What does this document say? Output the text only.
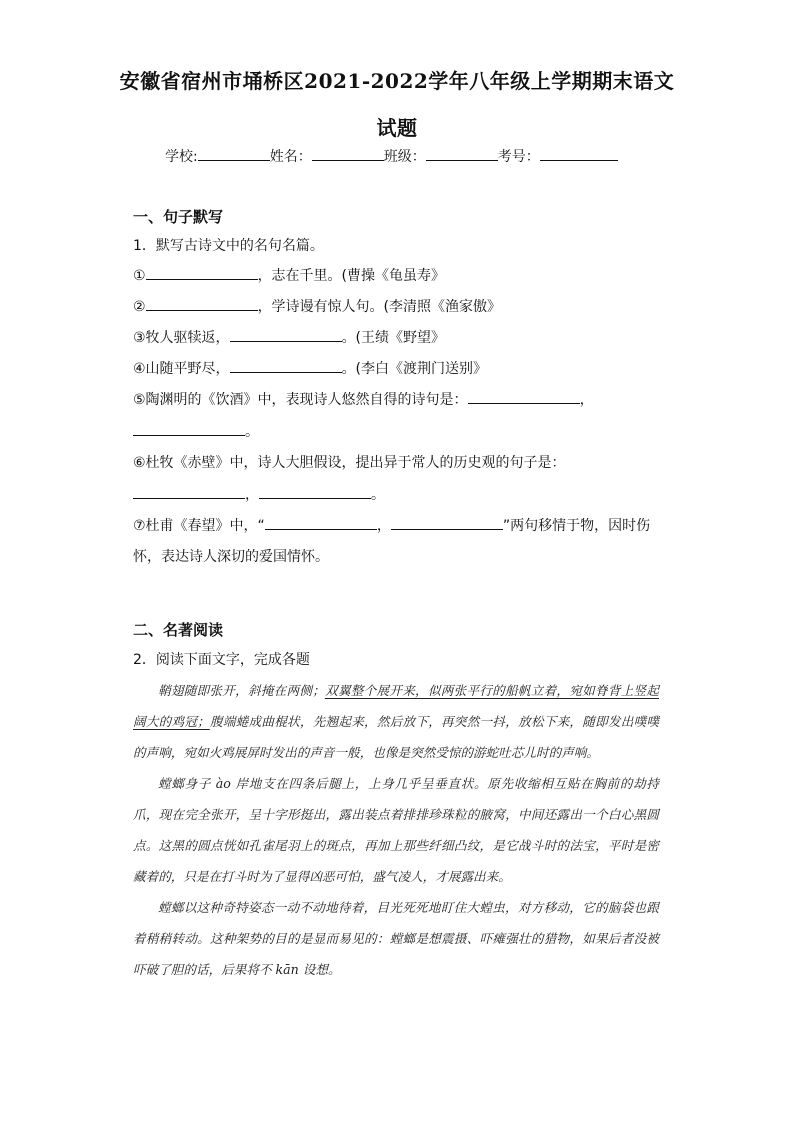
安徽省宿州市埇桥区2021-2022学年八年级上学期期末语文
试题
学校:	姓名：	班级：	考号：
一、句子默写
1．默写古诗文中的名句名篇。
①	，志在千里。(曹操《龟虽寿》
②	，学诗谩有惊人句。(李清照《渔家傲》
③牧人驱犊返，	。(王绩《野望》
④山随平野尽，	。(李白《渡荆门送别》
⑤陶渊明的《饮酒》中，表现诗人悠然自得的诗句是：	，
。
⑥杜牧《赤壁》中，诗人大胆假设，提出异于常人的历史观的句子是：
，	。
⑦杜甫《春望》中，“	，	”两句移情于物，因时伤
怀，表达诗人深切的爱国情怀。
二、名著阅读
2．阅读下面文字，完成各题

鞘翅随即张开，斜掩在两侧；双翼整个展开来，似两张平行的船帆立着，宛如脊背上竖起阔大的鸡冠；腹端蜷成曲棍状，先翘起来，然后放下，再突然一抖，放松下来，随即发出噗噗的声响，宛如火鸡展屏时发出的声音一般，也像是突然受惊的游蛇吐芯儿时的声响。

螳螂身子 ào 岸地支在四条后腿上，上身几乎呈垂直状。原先收缩相互贴在胸前的劫持爪，现在完全张开，呈十字形挺出，露出装点着排排珍珠粒的腋窝，中间还露出一个白心黑圆点。这黑的圆点恍如孔雀尾羽上的斑点，再加上那些纤细凸纹，是它战斗时的法宝，平时是密藏着的，只是在打斗时为了显得凶恶可怕，盛气凌人，才展露出来。

螳螂以这种奇特姿态一动不动地待着，目光死死地盯住大蝗虫，对方移动，它的脑袋也跟着稍稍转动。这种架势的目的是显而易见的：螳螂是想震摄、吓瘫强壮的猎物，如果后者没被吓破了胆的话，后果将不 kān 设想。
